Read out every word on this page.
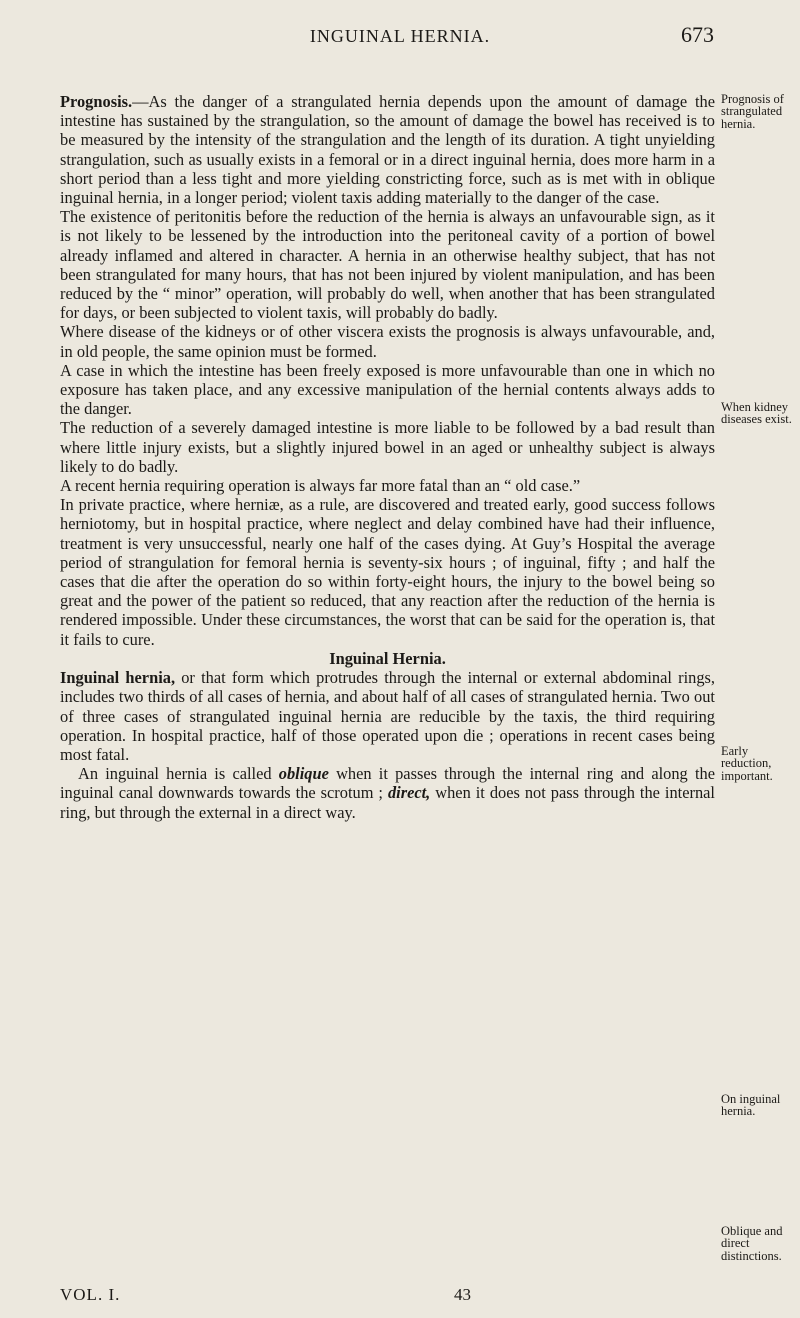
INGUINAL HERNIA.	673

Prognosis.—As the danger of a strangulated hernia depends upon the amount of damage the intestine has sustained by the strangulation, so the amount of damage the bowel has received is to be measured by the intensity of the strangulation and the length of its duration. A tight unyielding strangulation, such as usually exists in a femoral or in a direct inguinal hernia, does more harm in a short period than a less tight and more yielding constricting force, such as is met with in oblique inguinal hernia, in a longer period; violent taxis adding materially to the danger of the case.

The existence of peritonitis before the reduction of the hernia is always an unfavourable sign, as it is not likely to be lessened by the introduction into the peritoneal cavity of a portion of bowel already inflamed and altered in character. A hernia in an otherwise healthy subject, that has not been strangulated for many hours, that has not been injured by violent manipulation, and has been reduced by the “ minor” operation, will probably do well, when another that has been strangulated for days, or been subjected to violent taxis, will probably do badly.

Where disease of the kidneys or of other viscera exists the prognosis is always unfavourable, and, in old people, the same opinion must be formed.

A case in which the intestine has been freely exposed is more unfavourable than one in which no exposure has taken place, and any excessive manipulation of the hernial contents always adds to the danger.

The reduction of a severely damaged intestine is more liable to be followed by a bad result than where little injury exists, but a slightly injured bowel in an aged or unhealthy subject is always likely to do badly.

A recent hernia requiring operation is always far more fatal than an “ old case.”

In private practice, where herniæ, as a rule, are discovered and treated early, good success follows herniotomy, but in hospital practice, where neglect and delay combined have had their influence, treatment is very unsuccessful, nearly one half of the cases dying. At Guy’s Hospital the average period of strangulation for femoral hernia is seventy-six hours ; of inguinal, fifty ; and half the cases that die after the operation do so within forty-eight hours, the injury to the bowel being so great and the power of the patient so reduced, that any reaction after the reduction of the hernia is rendered impossible. Under these circumstances, the worst that can be said for the operation is, that it fails to cure.

Inguinal Hernia.

Inguinal hernia, or that form which protrudes through the internal or external abdominal rings, includes two thirds of all cases of hernia, and about half of all cases of strangulated hernia. Two out of three cases of strangulated inguinal hernia are reducible by the taxis, the third requiring operation. In hospital practice, half of those operated upon die ; operations in recent cases being most fatal.

An inguinal hernia is called oblique when it passes through the internal ring and along the inguinal canal downwards towards the scrotum ; direct, when it does not pass through the internal ring, but through the external in a direct way.

Prognosis of strangulated hernia.
When kidney diseases exist.
Early reduction, important.
On inguinal hernia.
Oblique and direct distinctions.
VOL. I.	43
